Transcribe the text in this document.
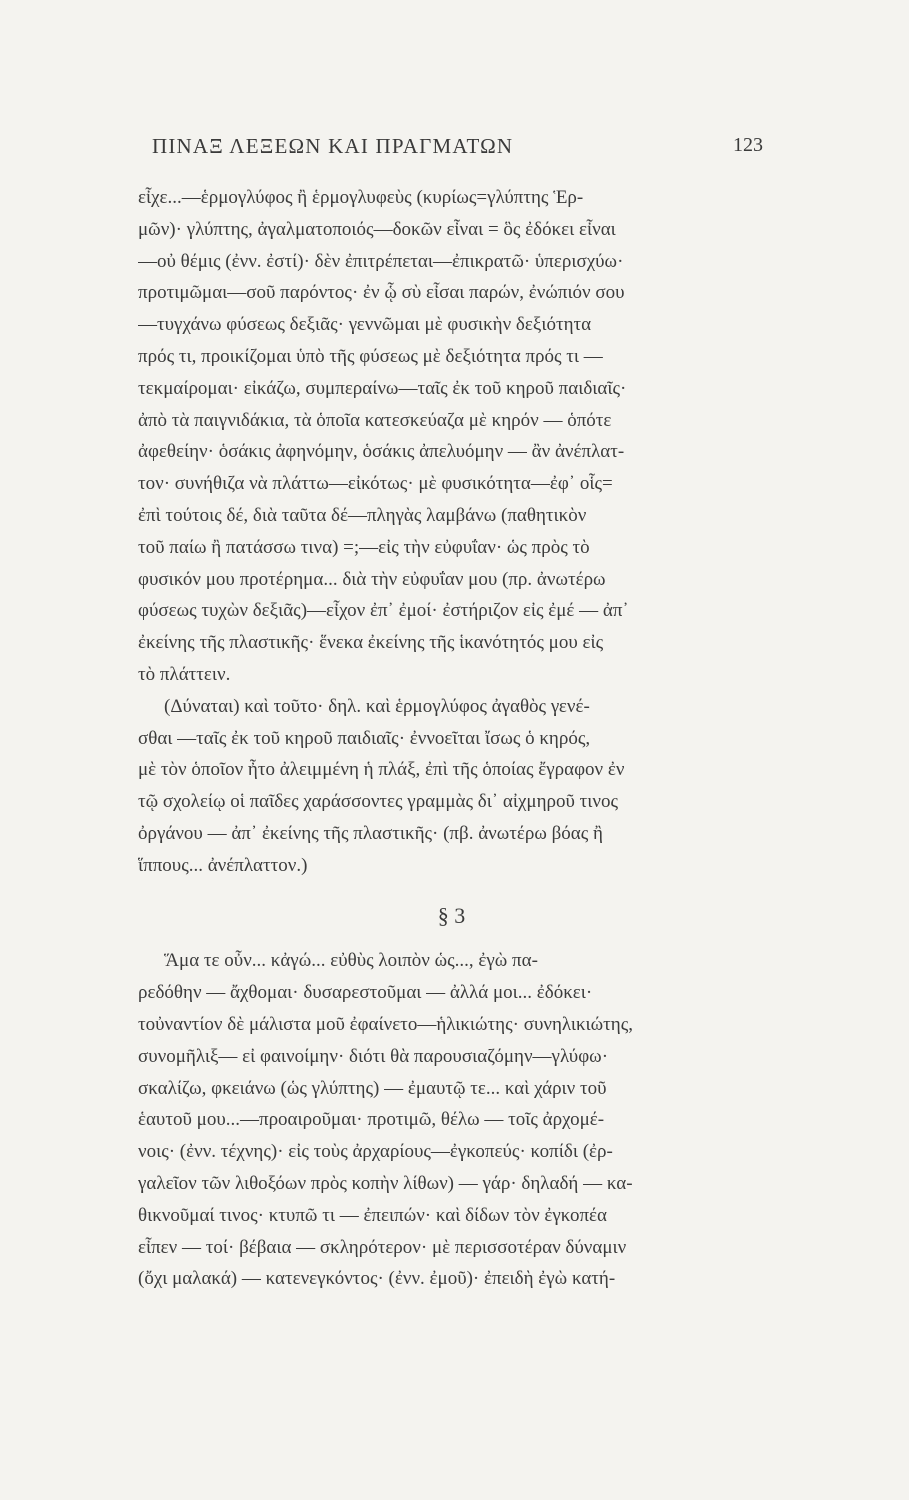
ΠΙΝΑΞ ΛΕΞΕΩΝ ΚΑΙ ΠΡΑΓΜΑΤΩΝ	123
εἶχε...—ἑρμογλύφος ἢ ἑρμογλυφεὺς (κυρίως=γλύπτης Ἑρ-
μῶν)· γλύπτης, ἀγαλματοποιός—δοκῶν εἶναι = ὃς ἐδόκει εἶναι
—οὐ θέμις (ἐνν. ἐστί)· δὲν ἐπιτρέπεται—ἐπικρατῶ· ὑπερισχύω·
προτιμῶμαι—σοῦ παρόντος· ἐν ᾧ σὺ εἶσαι παρών, ἐνώπιόν σου
—τυγχάνω φύσεως δεξιᾶς· γεννῶμαι μὲ φυσικὴν δεξιότητα
πρός τι, προικίζομαι ὑπὸ τῆς φύσεως μὲ δεξιότητα πρός τι —
τεκμαίρομαι· εἰκάζω, συμπεραίνω—ταῖς ἐκ τοῦ κηροῦ παιδιαῖς·
ἀπὸ τὰ παιγνιδάκια, τὰ ὁποῖα κατεσκεύαζα μὲ κηρόν — ὁπότε
ἀφεθείην· ὁσάκις ἀφηνόμην, ὁσάκις ἀπελυόμην — ἂν ἀνέπλατ-
τον· συνήθιζα νὰ πλάττω—εἰκότως· μὲ φυσικότητα—ἐφ᾿ οἷς=
ἐπὶ τούτοις δέ, διὰ ταῦτα δέ—πληγὰς λαμβάνω (παθητικὸν
τοῦ παίω ἢ πατάσσω τινα) =;—εἰς τὴν εὐφυΐαν· ὡς πρὸς τὸ
φυσικόν μου προτέρημα... διὰ τὴν εὐφυΐαν μου (πρ. ἀνωτέρω
φύσεως τυχὼν δεξιᾶς)—εἶχον ἐπ᾿ ἐμοί· ἐστήριζον εἰς ἐμέ — ἀπ᾿
ἐκείνης τῆς πλαστικῆς· ἕνεκα ἐκείνης τῆς ἱκανότητός μου εἰς
τὸ πλάττειν.
(Δύναται) καὶ τοῦτο· δηλ. καὶ ἑρμογλύφος ἀγαθὸς γενέ-
σθαι —ταῖς ἐκ τοῦ κηροῦ παιδιαῖς· ἐννοεῖται ἴσως ὁ κηρός,
μὲ τὸν ὁποῖον ἦτο ἀλειμμένη ἡ πλάξ, ἐπὶ τῆς ὁποίας ἔγραφον ἐν
τῷ σχολείῳ οἱ παῖδες χαράσσοντες γραμμὰς δι᾿ αἰχμηροῦ τινος
ὀργάνου — ἀπ᾿ ἐκείνης τῆς πλαστικῆς· (πβ. ἀνωτέρω βόας ἢ
ἵππους... ἀνέπλαττον.)
§ 3
Ἅμα τε οὖν... κἀγώ... εὐθὺς λοιπὸν ὡς..., ἐγὼ πα-
ρεδόθην — ἄχθομαι· δυσαρεστοῦμαι — ἀλλά μοι... ἐδόκει·
τοὐναντίον δὲ μάλιστα μοῦ ἐφαίνετο—ἡλικιώτης· συνηλικιώτης,
συνομῆλιξ— εἰ φαινοίμην· διότι θὰ παρουσιαζόμην—γλύφω·
σκαλίζω, φκειάνω (ὡς γλύπτης) — ἐμαυτῷ τε... καὶ χάριν τοῦ
ἑαυτοῦ μου...—προαιροῦμαι· προτιμῶ, θέλω — τοῖς ἀρχομέ-
νοις· (ἐνν. τέχνης)· εἰς τοὺς ἀρχαρίους—ἐγκοπεύς· κοπίδι (ἐρ-
γαλεῖον τῶν λιθοξόων πρὸς κοπὴν λίθων) — γάρ· δηλαδή — κα-
θικνοῦμαί τινος· κτυπῶ τι — ἐπειπών· καὶ δίδων τὸν ἐγκοπέα
εἶπεν — τοί· βέβαια — σκληρότερον· μὲ περισσοτέραν δύναμιν
(ὄχι μαλακά) — κατενεγκόντος· (ἐνν. ἐμοῦ)· ἐπειδὴ ἐγὼ κατή-
